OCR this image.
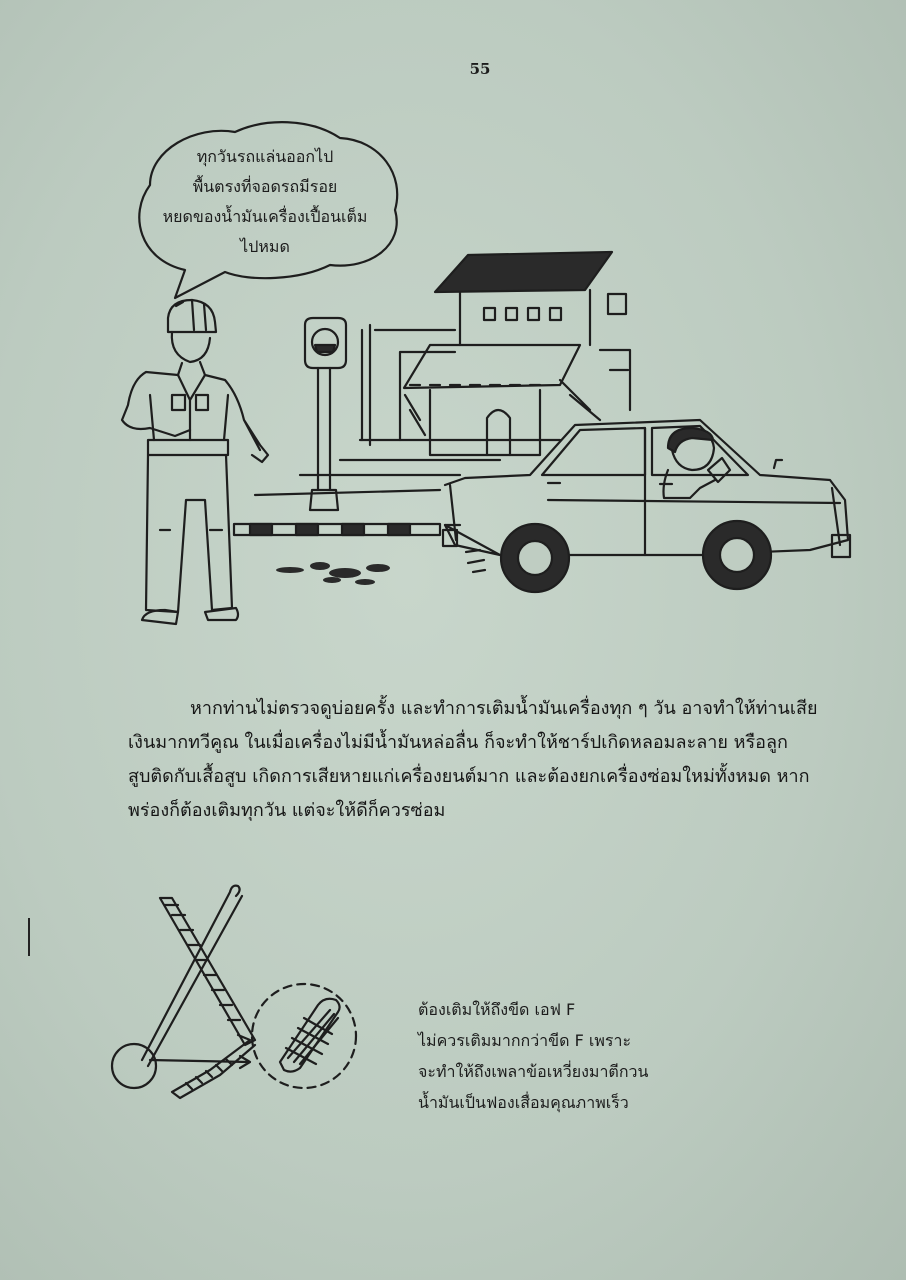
55
ทุกวันรถแล่นออกไป
พื้นตรงที่จอดรถมีรอย
หยดของน้ำมันเครื่องเปื้อนเต็ม
ไปหมด
หากท่านไม่ตรวจดูบ่อยครั้ง และทำการเติมน้ำมันเครื่องทุก ๆ วัน อาจทำให้ท่านเสีย
เงินมากทวีคูณ ในเมื่อเครื่องไม่มีน้ำมันหล่อลื่น ก็จะทำให้ชาร์ปเกิดหลอมละลาย หรือลูก
สูบติดกับเสื้อสูบ เกิดการเสียหายแก่เครื่องยนต์มาก และต้องยกเครื่องซ่อมใหม่ทั้งหมด หาก
พร่องก็ต้องเติมทุกวัน แต่จะให้ดีก็ควรซ่อม
ต้องเติมให้ถึงขีด เอฟ F
ไม่ควรเติมมากกว่าขีด F เพราะ
จะทำให้ถึงเพลาข้อเหวี่ยงมาตีกวน
น้ำมันเป็นฟองเสื่อมคุณภาพเร็ว
